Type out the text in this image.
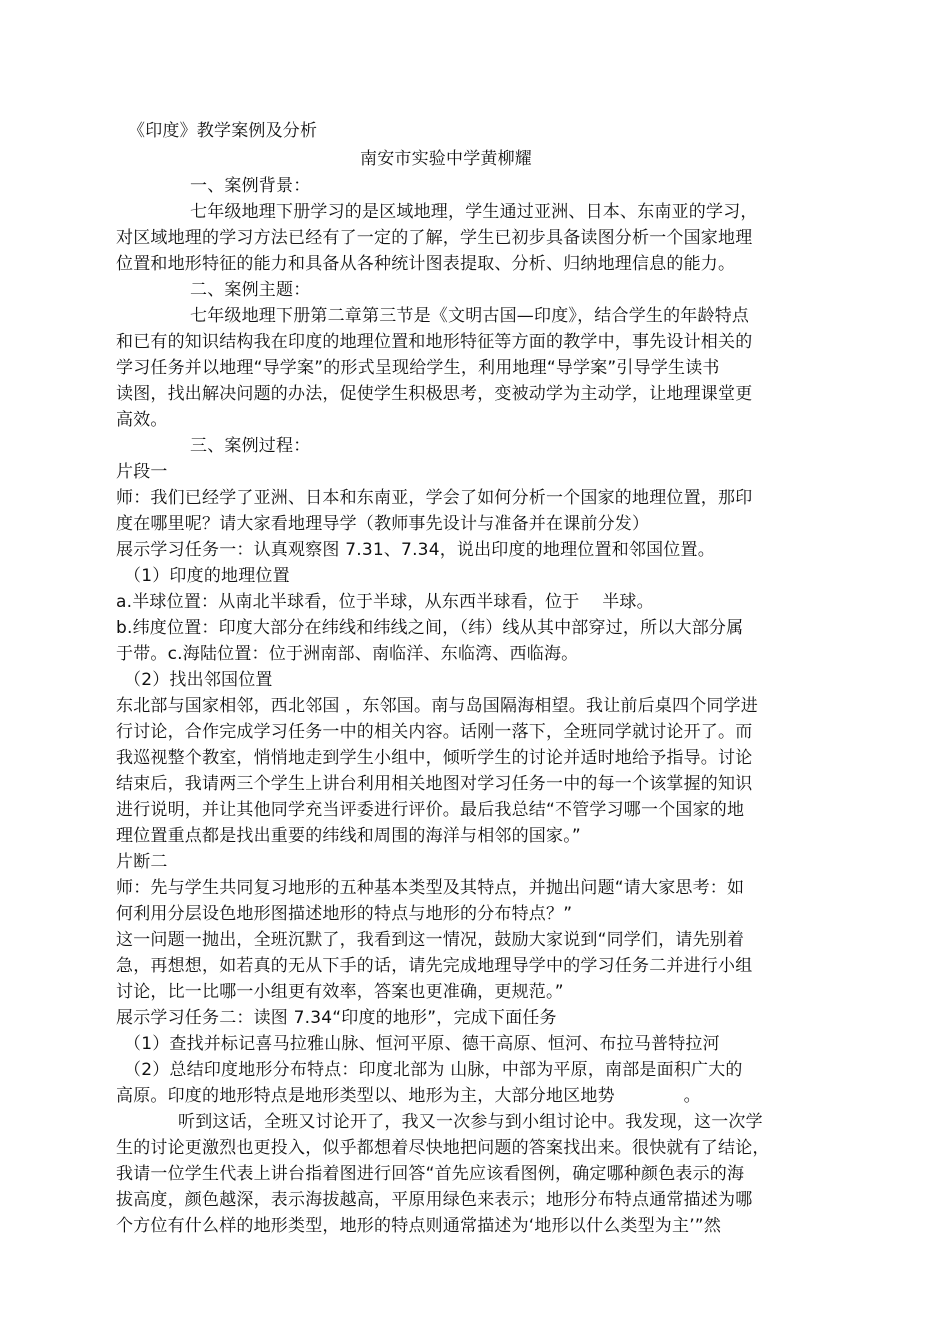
《印度》教学案例及分析
南安市实验中学黄柳耀
一、案例背景：
七年级地理下册学习的是区域地理，学生通过亚洲、日本、东南亚的学习，
对区域地理的学习方法已经有了一定的了解，学生已初步具备读图分析一个国家地理
位置和地形特征的能力和具备从各种统计图表提取、分析、归纳地理信息的能力。
二、案例主题：
七年级地理下册第二章第三节是《文明古国—印度》，结合学生的年龄特点
和已有的知识结构我在印度的地理位置和地形特征等方面的教学中，事先设计相关的
学习任务并以地理“导学案”的形式呈现给学生，利用地理“导学案”引导学生读书
读图，找出解决问题的办法，促使学生积极思考，变被动学为主动学，让地理课堂更
高效。
三、案例过程：
片段一
师：我们已经学了亚洲、日本和东南亚，学会了如何分析一个国家的地理位置，那印
度在哪里呢？请大家看地理导学（教师事先设计与准备并在课前分发）
展示学习任务一：认真观察图 7.31、7.34，说出印度的地理位置和邻国位置。
（1）印度的地理位置
a.半球位置：从南北半球看，位于半球，从东西半球看，位于　 半球。
b.纬度位置：印度大部分在纬线和纬线之间，（纬）线从其中部穿过，所以大部分属
于带。c.海陆位置：位于洲南部、南临洋、东临湾、西临海。
（2）找出邻国位置
东北部与国家相邻，西北邻国 ，东邻国。南与岛国隔海相望。我让前后桌四个同学进
行讨论，合作完成学习任务一中的相关内容。话刚一落下，全班同学就讨论开了。而
我巡视整个教室，悄悄地走到学生小组中，倾听学生的讨论并适时地给予指导。讨论
结束后，我请两三个学生上讲台利用相关地图对学习任务一中的每一个该掌握的知识
进行说明，并让其他同学充当评委进行评价。最后我总结“不管学习哪一个国家的地
理位置重点都是找出重要的纬线和周围的海洋与相邻的国家。”
片断二
师：先与学生共同复习地形的五种基本类型及其特点，并抛出问题“请大家思考：如
何利用分层设色地形图描述地形的特点与地形的分布特点？”
这一问题一抛出，全班沉默了，我看到这一情况，鼓励大家说到“同学们，请先别着
急，再想想，如若真的无从下手的话，请先完成地理导学中的学习任务二并进行小组
讨论，比一比哪一小组更有效率，答案也更准确，更规范。”
展示学习任务二：读图 7.34“印度的地形”，完成下面任务
（1）查找并标记喜马拉雅山脉、恒河平原、德干高原、恒河、布拉马普特拉河
（2）总结印度地形分布特点：印度北部为 山脉，中部为平原，南部是面积广大的
高原。印度的地形特点是地形类型以、地形为主，大部分地区地势　　　　。
听到这话，全班又讨论开了，我又一次参与到小组讨论中。我发现，这一次学
生的讨论更激烈也更投入，似乎都想着尽快地把问题的答案找出来。很快就有了结论，
我请一位学生代表上讲台指着图进行回答“首先应该看图例，确定哪种颜色表示的海
拔高度，颜色越深，表示海拔越高，平原用绿色来表示；地形分布特点通常描述为哪
个方位有什么样的地形类型，地形的特点则通常描述为‘地形以什么类型为主’”然
